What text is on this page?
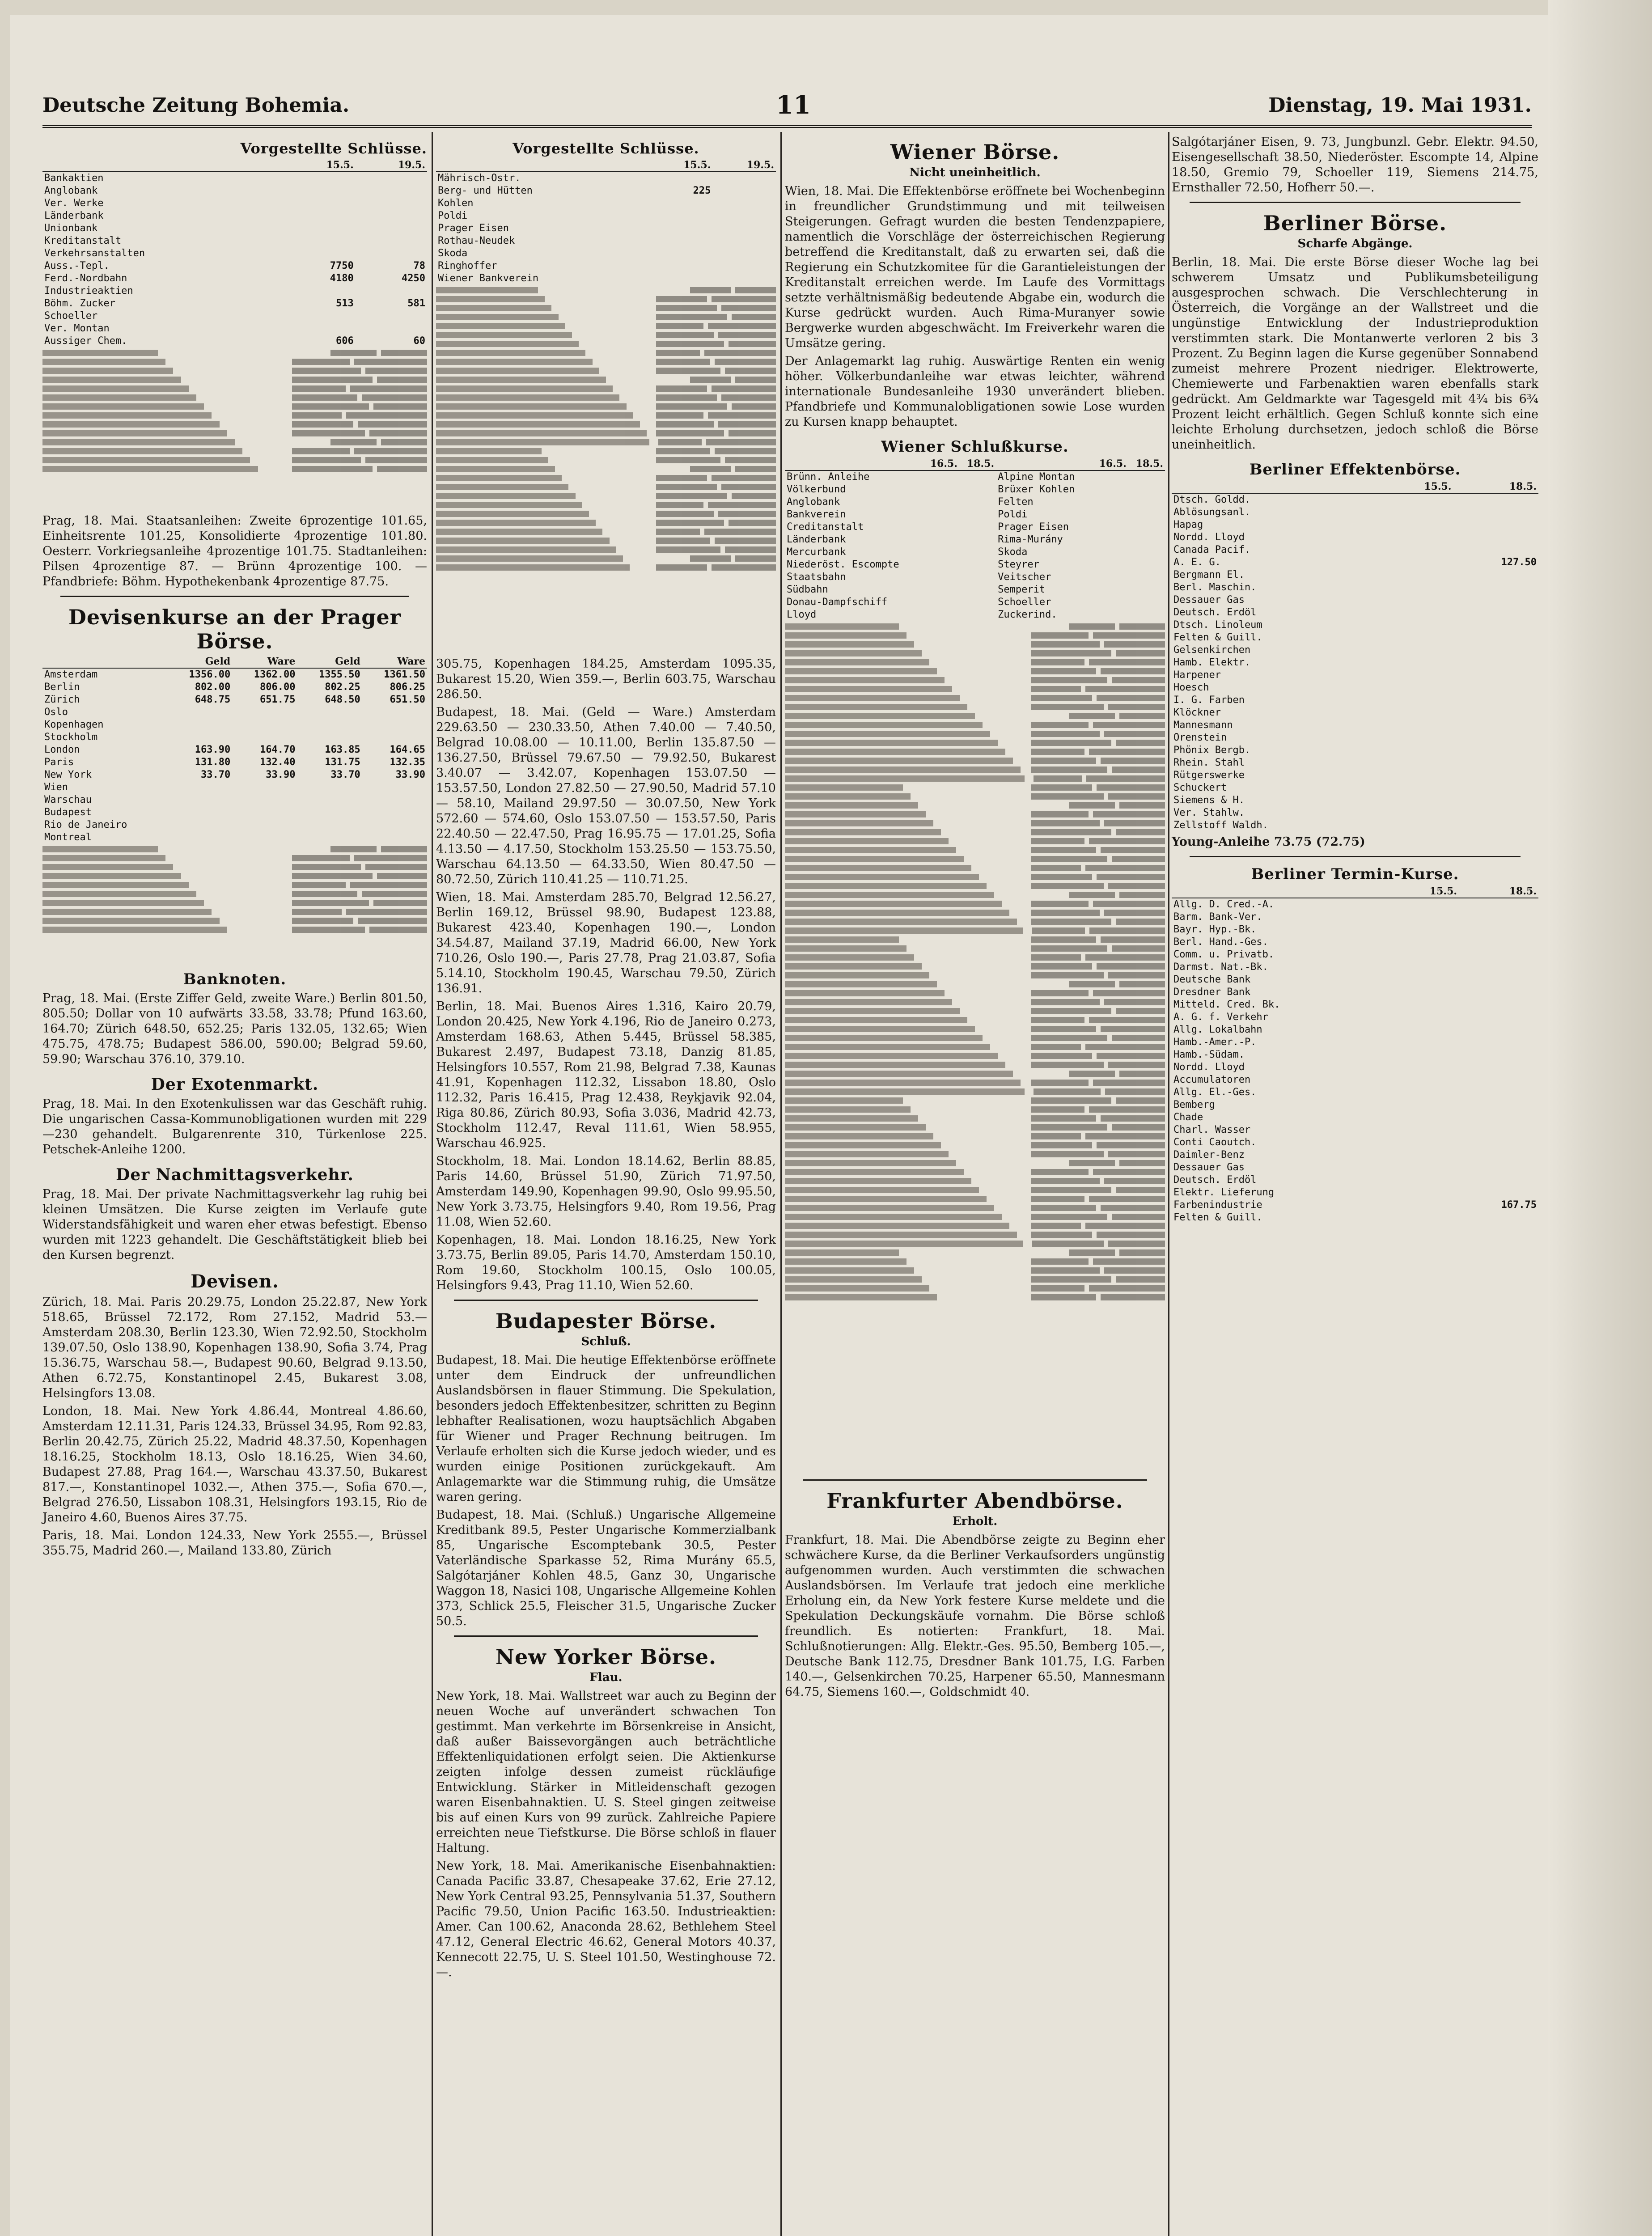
Deutsche Zeitung Bohemia.	11	Dienstag, 19. Mai 1931.
Vorgestellte Schlüsse.
	15.5.	19.5.
Bankaktien		
Anglobank		
Ver. Werke		
Länderbank		
Unionbank		
Kreditanstalt		
Verkehrsanstalten		
Auss.-Tepl.	7750	78
Ferd.-Nordbahn	4180	4250
Industrieaktien		
Böhm. Zucker	513	581
Schoeller		
Ver. Montan		
Aussiger Chem.	606	60
Prag, 18. Mai. Staatsanleihen: Zweite 6prozentige 101.65, Einheitsrente 101.25, Konsolidierte 4prozentige 101.80. Oesterr. Vorkriegsanleihe 4prozentige 101.75. Stadtanleihen: Pilsen 4prozentige 87. — Brünn 4prozentige 100. — Pfandbriefe: Böhm. Hypothekenbank 4prozentige 87.75.
Devisenkurse an der Prager Börse.
	Geld	Ware	Geld	Ware
Amsterdam	1356.00	1362.00	1355.50	1361.50
Berlin	802.00	806.00	802.25	806.25
Zürich	648.75	651.75	648.50	651.50
Oslo				
Kopenhagen				
Stockholm				
London	163.90	164.70	163.85	164.65
Paris	131.80	132.40	131.75	132.35
New York	33.70	33.90	33.70	33.90
Wien				
Warschau				
Budapest				
Rio de Janeiro				
Montreal				
Banknoten.
Prag, 18. Mai. (Erste Ziffer Geld, zweite Ware.) Berlin 801.50, 805.50; Dollar von 10 aufwärts 33.58, 33.78; Pfund 163.60, 164.70; Zürich 648.50, 652.25; Paris 132.05, 132.65; Wien 475.75, 478.75; Budapest 586.00, 590.00; Belgrad 59.60, 59.90; Warschau 376.10, 379.10.
Der Exotenmarkt.
Prag, 18. Mai. In den Exotenkulissen war das Geschäft ruhig. Die ungarischen Cassa-Kommunobligationen wurden mit 229—230 gehandelt. Bulgarenrente 310, Türkenlose 225. Petschek-Anleihe 1200.
Der Nachmittagsverkehr.
Prag, 18. Mai. Der private Nachmittagsverkehr lag ruhig bei kleinen Umsätzen. Die Kurse zeigten im Verlaufe gute Widerstandsfähigkeit und waren eher etwas befestigt. Ebenso wurden mit 1223 gehandelt. Die Geschäftstätigkeit blieb bei den Kursen begrenzt.
Devisen.
Zürich, 18. Mai. Paris 20.29.75, London 25.22.87, New York 518.65, Brüssel 72.172, Rom 27.152, Madrid 53.— Amsterdam 208.30, Berlin 123.30, Wien 72.92.50, Stockholm 139.07.50, Oslo 138.90, Kopenhagen 138.90, Sofia 3.74, Prag 15.36.75, Warschau 58.—, Budapest 90.60, Belgrad 9.13.50, Athen 6.72.75, Konstantinopel 2.45, Bukarest 3.08, Helsingfors 13.08.
London, 18. Mai. New York 4.86.44, Montreal 4.86.60, Amsterdam 12.11.31, Paris 124.33, Brüssel 34.95, Rom 92.83, Berlin 20.42.75, Zürich 25.22, Madrid 48.37.50, Kopenhagen 18.16.25, Stockholm 18.13, Oslo 18.16.25, Wien 34.60, Budapest 27.88, Prag 164.—, Warschau 43.37.50, Bukarest 817.—, Konstantinopel 1032.—, Athen 375.—, Sofia 670.—, Belgrad 276.50, Lissabon 108.31, Helsingfors 193.15, Rio de Janeiro 4.60, Buenos Aires 37.75.
Paris, 18. Mai. London 124.33, New York 2555.—, Brüssel 355.75, Madrid 260.—, Mailand 133.80, Zürich
Vorgestellte Schlüsse.
	15.5.	19.5.
Mährisch-Ostr.		
Berg- und Hütten	225	
Kohlen		
Poldi		
Prager Eisen		
Rothau-Neudek		
Skoda		
Ringhoffer		
Wiener Bankverein		
305.75, Kopenhagen 184.25, Amsterdam 1095.35, Bukarest 15.20, Wien 359.—, Berlin 603.75, Warschau 286.50.
Budapest, 18. Mai. (Geld — Ware.) Amsterdam 229.63.50 — 230.33.50, Athen 7.40.00 — 7.40.50, Belgrad 10.08.00 — 10.11.00, Berlin 135.87.50 — 136.27.50, Brüssel 79.67.50 — 79.92.50, Bukarest 3.40.07 — 3.42.07, Kopenhagen 153.07.50 — 153.57.50, London 27.82.50 — 27.90.50, Madrid 57.10 — 58.10, Mailand 29.97.50 — 30.07.50, New York 572.60 — 574.60, Oslo 153.07.50 — 153.57.50, Paris 22.40.50 — 22.47.50, Prag 16.95.75 — 17.01.25, Sofia 4.13.50 — 4.17.50, Stockholm 153.25.50 — 153.75.50, Warschau 64.13.50 — 64.33.50, Wien 80.47.50 — 80.72.50, Zürich 110.41.25 — 110.71.25.
Wien, 18. Mai. Amsterdam 285.70, Belgrad 12.56.27, Berlin 169.12, Brüssel 98.90, Budapest 123.88, Bukarest 423.40, Kopenhagen 190.—, London 34.54.87, Mailand 37.19, Madrid 66.00, New York 710.26, Oslo 190.—, Paris 27.78, Prag 21.03.87, Sofia 5.14.10, Stockholm 190.45, Warschau 79.50, Zürich 136.91.
Berlin, 18. Mai. Buenos Aires 1.316, Kairo 20.79, London 20.425, New York 4.196, Rio de Janeiro 0.273, Amsterdam 168.63, Athen 5.445, Brüssel 58.385, Bukarest 2.497, Budapest 73.18, Danzig 81.85, Helsingfors 10.557, Rom 21.98, Belgrad 7.38, Kaunas 41.91, Kopenhagen 112.32, Lissabon 18.80, Oslo 112.32, Paris 16.415, Prag 12.438, Reykjavik 92.04, Riga 80.86, Zürich 80.93, Sofia 3.036, Madrid 42.73, Stockholm 112.47, Reval 111.61, Wien 58.955, Warschau 46.925.
Stockholm, 18. Mai. London 18.14.62, Berlin 88.85, Paris 14.60, Brüssel 51.90, Zürich 71.97.50, Amsterdam 149.90, Kopenhagen 99.90, Oslo 99.95.50, New York 3.73.75, Helsingfors 9.40, Rom 19.56, Prag 11.08, Wien 52.60.
Kopenhagen, 18. Mai. London 18.16.25, New York 3.73.75, Berlin 89.05, Paris 14.70, Amsterdam 150.10, Rom 19.60, Stockholm 100.15, Oslo 100.05, Helsingfors 9.43, Prag 11.10, Wien 52.60.
Budapester Börse.
Schluß.
Budapest, 18. Mai. Die heutige Effektenbörse eröffnete unter dem Eindruck der unfreundlichen Auslandsbörsen in flauer Stimmung. Die Spekulation, besonders jedoch Effektenbesitzer, schritten zu Beginn lebhafter Realisationen, wozu hauptsächlich Abgaben für Wiener und Prager Rechnung beitrugen. Im Verlaufe erholten sich die Kurse jedoch wieder, und es wurden einige Positionen zurückgekauft. Am Anlagemarkte war die Stimmung ruhig, die Umsätze waren gering.
Budapest, 18. Mai. (Schluß.) Ungarische Allgemeine Kreditbank 89.5, Pester Ungarische Kommerzialbank 85, Ungarische Escomptebank 30.5, Pester Vaterländische Sparkasse 52, Rima Murány 65.5, Salgótarjáner Kohlen 48.5, Ganz 30, Ungarische Waggon 18, Nasici 108, Ungarische Allgemeine Kohlen 373, Schlick 25.5, Fleischer 31.5, Ungarische Zucker 50.5.
New Yorker Börse.
Flau.
New York, 18. Mai. Wallstreet war auch zu Beginn der neuen Woche auf unverändert schwachen Ton gestimmt. Man verkehrte im Börsenkreise in Ansicht, daß außer Baissevorgängen auch beträchtliche Effektenliquidationen erfolgt seien. Die Aktienkurse zeigten infolge dessen zumeist rückläufige Entwicklung. Stärker in Mitleidenschaft gezogen waren Eisenbahnaktien. U. S. Steel gingen zeitweise bis auf einen Kurs von 99 zurück. Zahlreiche Papiere erreichten neue Tiefstkurse. Die Börse schloß in flauer Haltung.
New York, 18. Mai. Amerikanische Eisenbahnaktien: Canada Pacific 33.87, Chesapeake 37.62, Erie 27.12, New York Central 93.25, Pennsylvania 51.37, Southern Pacific 79.50, Union Pacific 163.50. Industrieaktien: Amer. Can 100.62, Anaconda 28.62, Bethlehem Steel 47.12, General Electric 46.62, General Motors 40.37, Kennecott 22.75, U. S. Steel 101.50, Westinghouse 72.—.
Wiener Börse.
Nicht uneinheitlich.
Wien, 18. Mai. Die Effektenbörse eröffnete bei Wochenbeginn in freundlicher Grundstimmung und mit teilweisen Steigerungen. Gefragt wurden die besten Tendenzpapiere, namentlich die Vorschläge der österreichischen Regierung betreffend die Kreditanstalt, daß zu erwarten sei, daß die Regierung ein Schutzkomitee für die Garantieleistungen der Kreditanstalt erreichen werde. Im Laufe des Vormittags setzte verhältnismäßig bedeutende Abgabe ein, wodurch die Kurse gedrückt wurden. Auch Rima-Muranyer sowie Bergwerke wurden abgeschwächt. Im Freiverkehr waren die Umsätze gering.
Der Anlagemarkt lag ruhig. Auswärtige Renten ein wenig höher. Völkerbundanleihe war etwas leichter, während internationale Bundesanleihe 1930 unverändert blieben. Pfandbriefe und Kommunalobligationen sowie Lose wurden zu Kursen knapp behauptet.
Wiener Schlußkurse.
	16.5.	18.5.		16.5.	18.5.
Brünn. Anleihe			Alpine Montan		
Völkerbund			Brüxer Kohlen		
Anglobank			Felten		
Bankverein			Poldi		
Creditanstalt			Prager Eisen		
Länderbank			Rima-Murány		
Mercurbank			Skoda		
Niederöst. Escompte			Steyrer		
Staatsbahn			Veitscher		
Südbahn			Semperit		
Donau-Dampfschiff			Schoeller		
Lloyd			Zuckerind.		
Frankfurter Abendbörse.
Erholt.
Frankfurt, 18. Mai. Die Abendbörse zeigte zu Beginn eher schwächere Kurse, da die Berliner Verkaufsorders ungünstig aufgenommen wurden. Auch verstimmten die schwachen Auslandsbörsen. Im Verlaufe trat jedoch eine merkliche Erholung ein, da New York festere Kurse meldete und die Spekulation Deckungskäufe vornahm. Die Börse schloß freundlich. Es notierten: Frankfurt, 18. Mai. Schlußnotierungen: Allg. Elektr.-Ges. 95.50, Bemberg 105.—, Deutsche Bank 112.75, Dresdner Bank 101.75, I.G. Farben 140.—, Gelsenkirchen 70.25, Harpener 65.50, Mannesmann 64.75, Siemens 160.—, Goldschmidt 40.
Salgótarjáner Eisen, 9. 73, Jungbunzl. Gebr. Elektr. 94.50, Eisengesellschaft 38.50, Niederöster. Escompte 14, Alpine 18.50, Gremio 79, Schoeller 119, Siemens 214.75, Ernsthaller 72.50, Hofherr 50.—.
Berliner Börse.
Scharfe Abgänge.
Berlin, 18. Mai. Die erste Börse dieser Woche lag bei schwerem Umsatz und Publikumsbeteiligung ausgesprochen schwach. Die Verschlechterung in Österreich, die Vorgänge an der Wallstreet und die ungünstige Entwicklung der Industrieproduktion verstimmten stark. Die Montanwerte verloren 2 bis 3 Prozent. Zu Beginn lagen die Kurse gegenüber Sonnabend zumeist mehrere Prozent niedriger. Elektrowerte, Chemiewerte und Farbenaktien waren ebenfalls stark gedrückt. Am Geldmarkte war Tagesgeld mit 4¾ bis 6¾ Prozent leicht erhältlich. Gegen Schluß konnte sich eine leichte Erholung durchsetzen, jedoch schloß die Börse uneinheitlich.
Berliner Effektenbörse.
	15.5.	18.5.
Dtsch. Goldd.		
Ablösungsanl.		
Hapag		
Nordd. Lloyd		
Canada Pacif.		
A. E. G.		127.50
Bergmann El.		
Berl. Maschin.		
Dessauer Gas		
Deutsch. Erdöl		
Dtsch. Linoleum		
Felten & Guill.		
Gelsenkirchen		
Hamb. Elektr.		
Harpener		
Hoesch		
I. G. Farben		
Klöckner		
Mannesmann		
Orenstein		
Phönix Bergb.		
Rhein. Stahl		
Rütgerswerke		
Schuckert		
Siemens & H.		
Ver. Stahlw.		
Zellstoff Waldh.		
Young-Anleihe 73.75 (72.75)
Berliner Termin-Kurse.
	15.5.	18.5.
Allg. D. Cred.-A.		
Barm. Bank-Ver.		
Bayr. Hyp.-Bk.		
Berl. Hand.-Ges.		
Comm. u. Privatb.		
Darmst. Nat.-Bk.		
Deutsche Bank		
Dresdner Bank		
Mitteld. Cred. Bk.		
A. G. f. Verkehr		
Allg. Lokalbahn		
Hamb.-Amer.-P.		
Hamb.-Südam.		
Nordd. Lloyd		
Accumulatoren		
Allg. El.-Ges.		
Bemberg		
Chade		
Charl. Wasser		
Conti Caoutch.		
Daimler-Benz		
Dessauer Gas		
Deutsch. Erdöl		
Elektr. Lieferung		
Farbenindustrie		167.75
Felten & Guill.		
